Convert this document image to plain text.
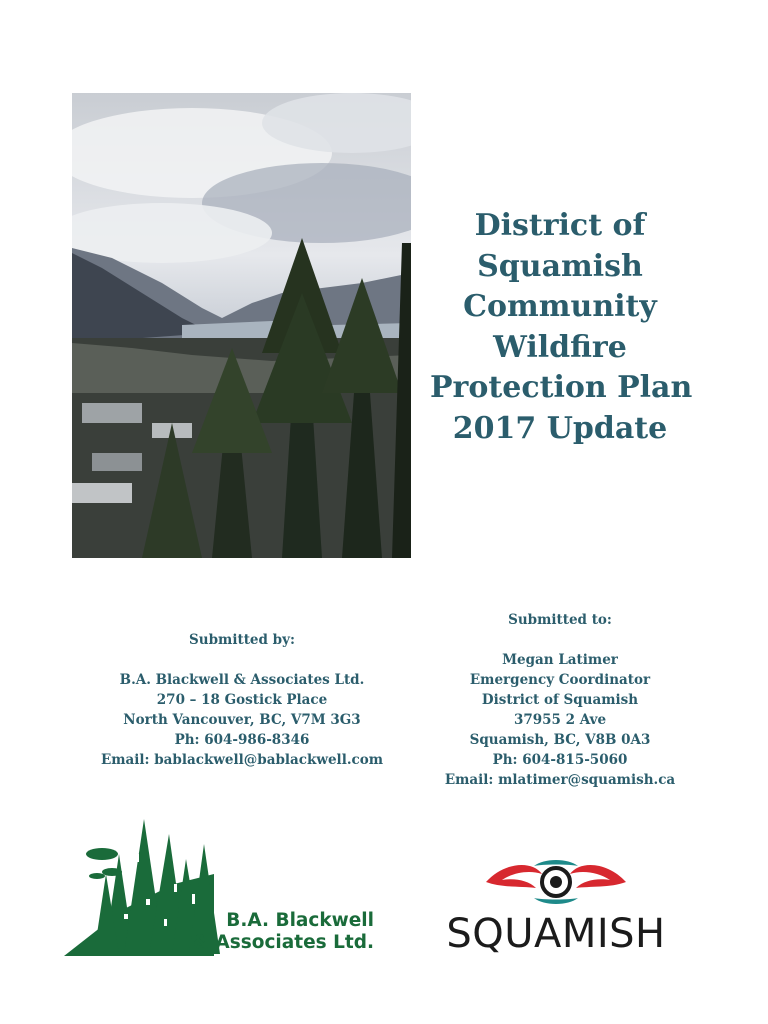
District of
Squamish
Community
Wildfire
Protection Plan
2017 Update
Submitted by:
B.A. Blackwell & Associates Ltd.
270 – 18 Gostick Place
North Vancouver, BC, V7M 3G3
Ph: 604-986-8346
Email: bablackwell@bablackwell.com
Submitted to:
Megan Latimer
Emergency Coordinator
District of Squamish
37955 2 Ave
Squamish, BC, V8B 0A3
Ph: 604-815-5060
Email: mlatimer@squamish.ca
B.A. Blackwell
& Associates Ltd.	SQUAMISH
